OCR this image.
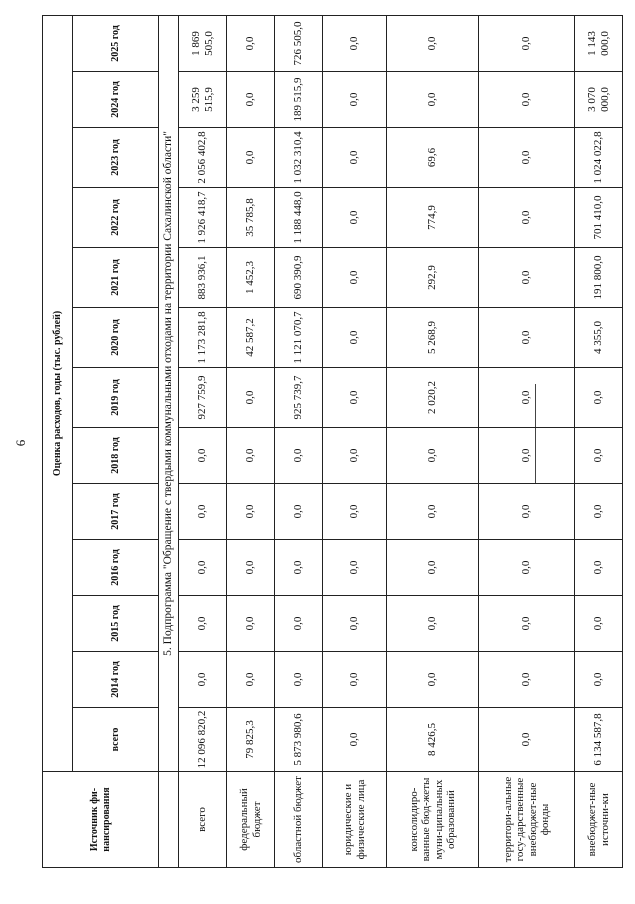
6
Источник фи-нансирования	Оценка расходов, годы (тыс. рублей)												
	всего	2014 год	2015 год	2016 год	2017 год	2018 год	2019 год	2020 год	2021 год	2022 год	2023 год	2024 год	2025 год
	5. Подпрограмма "Обращение с твердыми коммунальными отходами на территории Сахалинской области"												
всего	12 096 820,2	0,0	0,0	0,0	0,0	0,0	927 759,9	1 173 281,8	883 936,1	1 926 418,7	2 056 402,8	3 259 515,9	1 869 505,0
федеральный бюджет	79 825,3	0,0	0,0	0,0	0,0	0,0	0,0	42 587,2	1 452,3	35 785,8	0,0	0,0	0,0
областной бюджет	5 873 980,6	0,0	0,0	0,0	0,0	0,0	925 739,7	1 121 070,7	690 390,9	1 188 448,0	1 032 310,4	189 515,9	726 505,0
юридические и физические лица	0,0	0,0	0,0	0,0	0,0	0,0	0,0	0,0	0,0	0,0	0,0	0,0	0,0
консолидиро-ванные бюд-жеты муни-ципальных образований	8 426,5	0,0	0,0	0,0	0,0	0,0	2 020,2	5 268,9	292,9	774,9	69,6	0,0	0,0
территори-альные госу-дарственные внебюджет-ные фонды	0,0	0,0	0,0	0,0	0,0	0,0	0,0	0,0	0,0	0,0	0,0	0,0	0,0
внебюджет-ные источни-ки	6 134 587,8	0,0	0,0	0,0	0,0	0,0	0,0	4 355,0	191 800,0	701 410,0	1 024 022,8	3 070 000,0	1 143 000,0
